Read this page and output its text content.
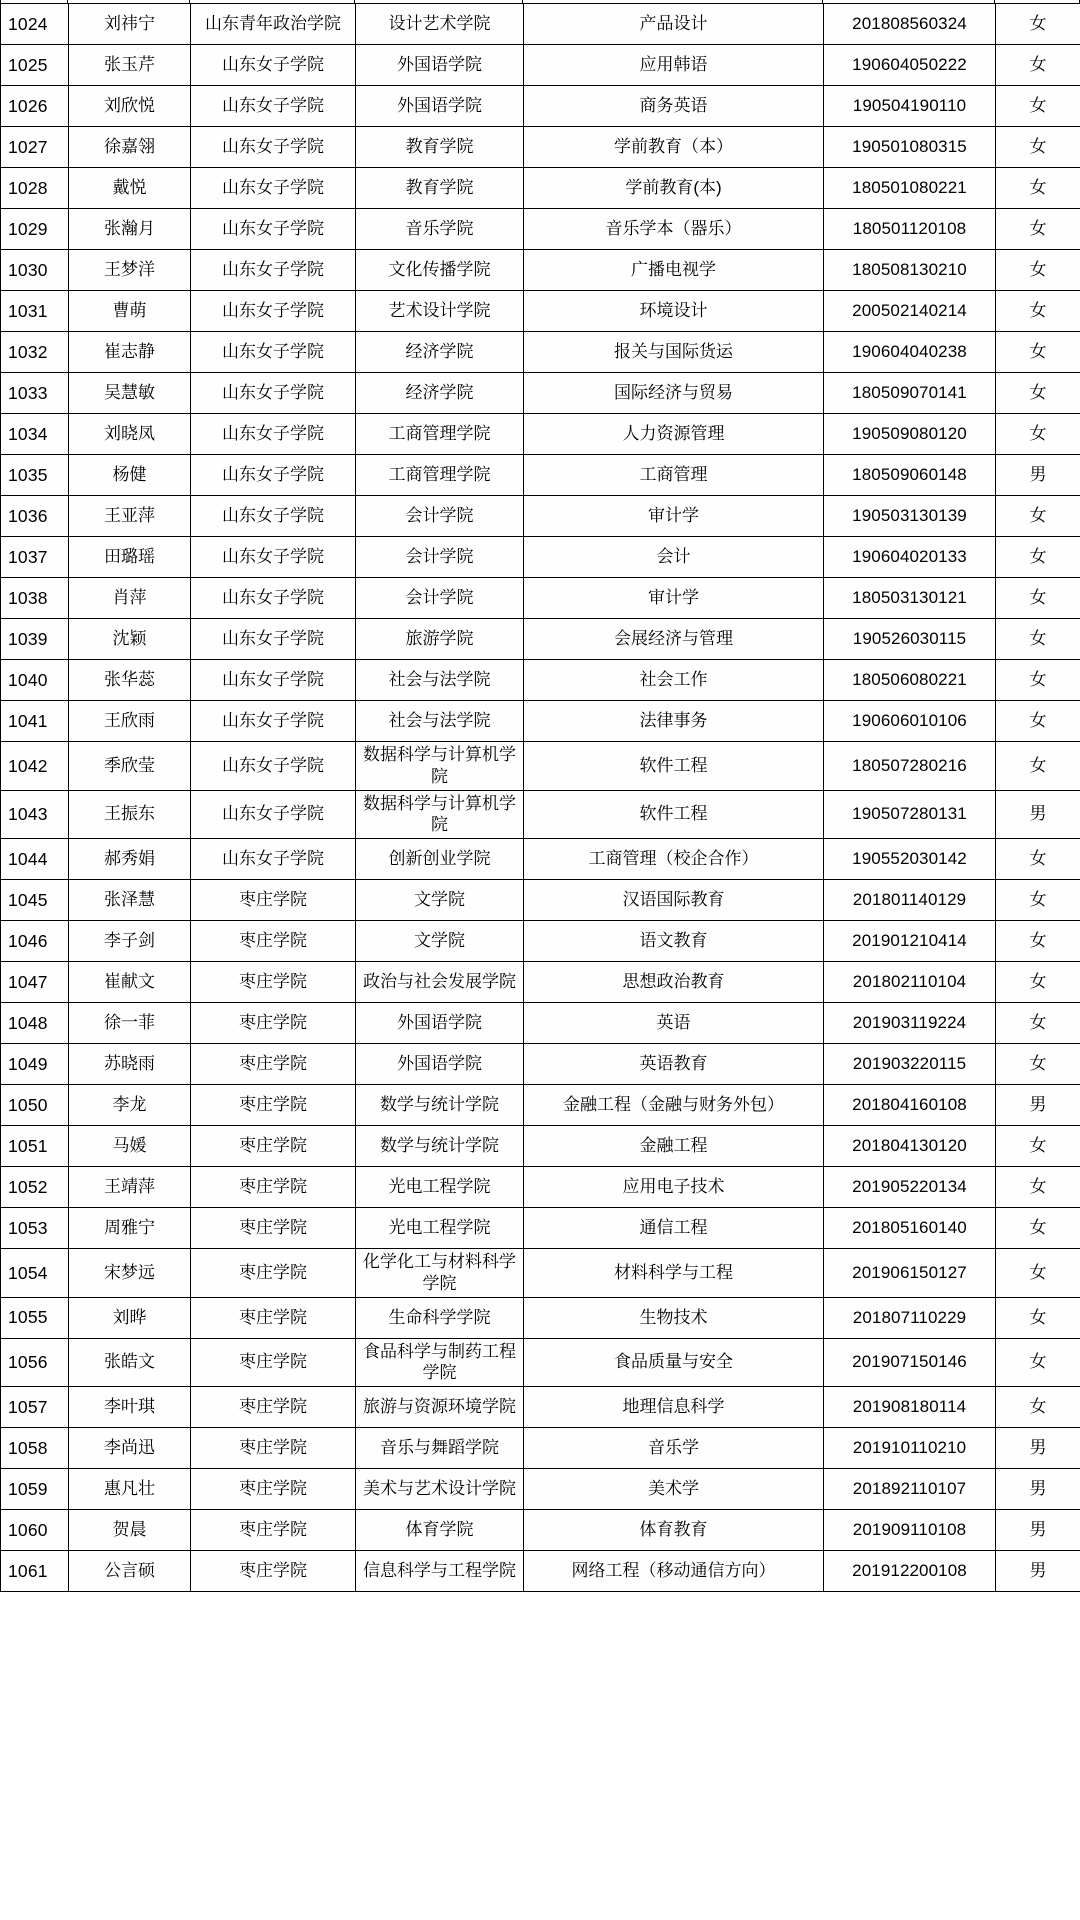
1024	刘祎宁	山东青年政治学院	设计艺术学院	产品设计	201808560324	女
1025	张玉芹	山东女子学院	外国语学院	应用韩语	190604050222	女
1026	刘欣悦	山东女子学院	外国语学院	商务英语	190504190110	女
1027	徐嘉翎	山东女子学院	教育学院	学前教育（本）	190501080315	女
1028	戴悦	山东女子学院	教育学院	学前教育(本)	180501080221	女
1029	张瀚月	山东女子学院	音乐学院	音乐学本（器乐）	180501120108	女
1030	王梦洋	山东女子学院	文化传播学院	广播电视学	180508130210	女
1031	曹萌	山东女子学院	艺术设计学院	环境设计	200502140214	女
1032	崔志静	山东女子学院	经济学院	报关与国际货运	190604040238	女
1033	吴慧敏	山东女子学院	经济学院	国际经济与贸易	180509070141	女
1034	刘晓凤	山东女子学院	工商管理学院	人力资源管理	190509080120	女
1035	杨健	山东女子学院	工商管理学院	工商管理	180509060148	男
1036	王亚萍	山东女子学院	会计学院	审计学	190503130139	女
1037	田璐瑶	山东女子学院	会计学院	会计	190604020133	女
1038	肖萍	山东女子学院	会计学院	审计学	180503130121	女
1039	沈颖	山东女子学院	旅游学院	会展经济与管理	190526030115	女
1040	张华蕊	山东女子学院	社会与法学院	社会工作	180506080221	女
1041	王欣雨	山东女子学院	社会与法学院	法律事务	190606010106	女
1042	季欣莹	山东女子学院	数据科学与计算机学院	软件工程	180507280216	女
1043	王振东	山东女子学院	数据科学与计算机学院	软件工程	190507280131	男
1044	郝秀娟	山东女子学院	创新创业学院	工商管理（校企合作）	190552030142	女
1045	张泽慧	枣庄学院	文学院	汉语国际教育	201801140129	女
1046	李子剑	枣庄学院	文学院	语文教育	201901210414	女
1047	崔献文	枣庄学院	政治与社会发展学院	思想政治教育	201802110104	女
1048	徐一菲	枣庄学院	外国语学院	英语	201903119224	女
1049	苏晓雨	枣庄学院	外国语学院	英语教育	201903220115	女
1050	李龙	枣庄学院	数学与统计学院	金融工程（金融与财务外包）	201804160108	男
1051	马媛	枣庄学院	数学与统计学院	金融工程	201804130120	女
1052	王靖萍	枣庄学院	光电工程学院	应用电子技术	201905220134	女
1053	周雅宁	枣庄学院	光电工程学院	通信工程	201805160140	女
1054	宋梦远	枣庄学院	化学化工与材料科学学院	材料科学与工程	201906150127	女
1055	刘晔	枣庄学院	生命科学学院	生物技术	201807110229	女
1056	张皓文	枣庄学院	食品科学与制药工程学院	食品质量与安全	201907150146	女
1057	李叶琪	枣庄学院	旅游与资源环境学院	地理信息科学	201908180114	女
1058	李尚迅	枣庄学院	音乐与舞蹈学院	音乐学	201910110210	男
1059	惠凡壮	枣庄学院	美术与艺术设计学院	美术学	201892110107	男
1060	贺晨	枣庄学院	体育学院	体育教育	201909110108	男
1061	公言硕	枣庄学院	信息科学与工程学院	网络工程（移动通信方向）	201912200108	男
